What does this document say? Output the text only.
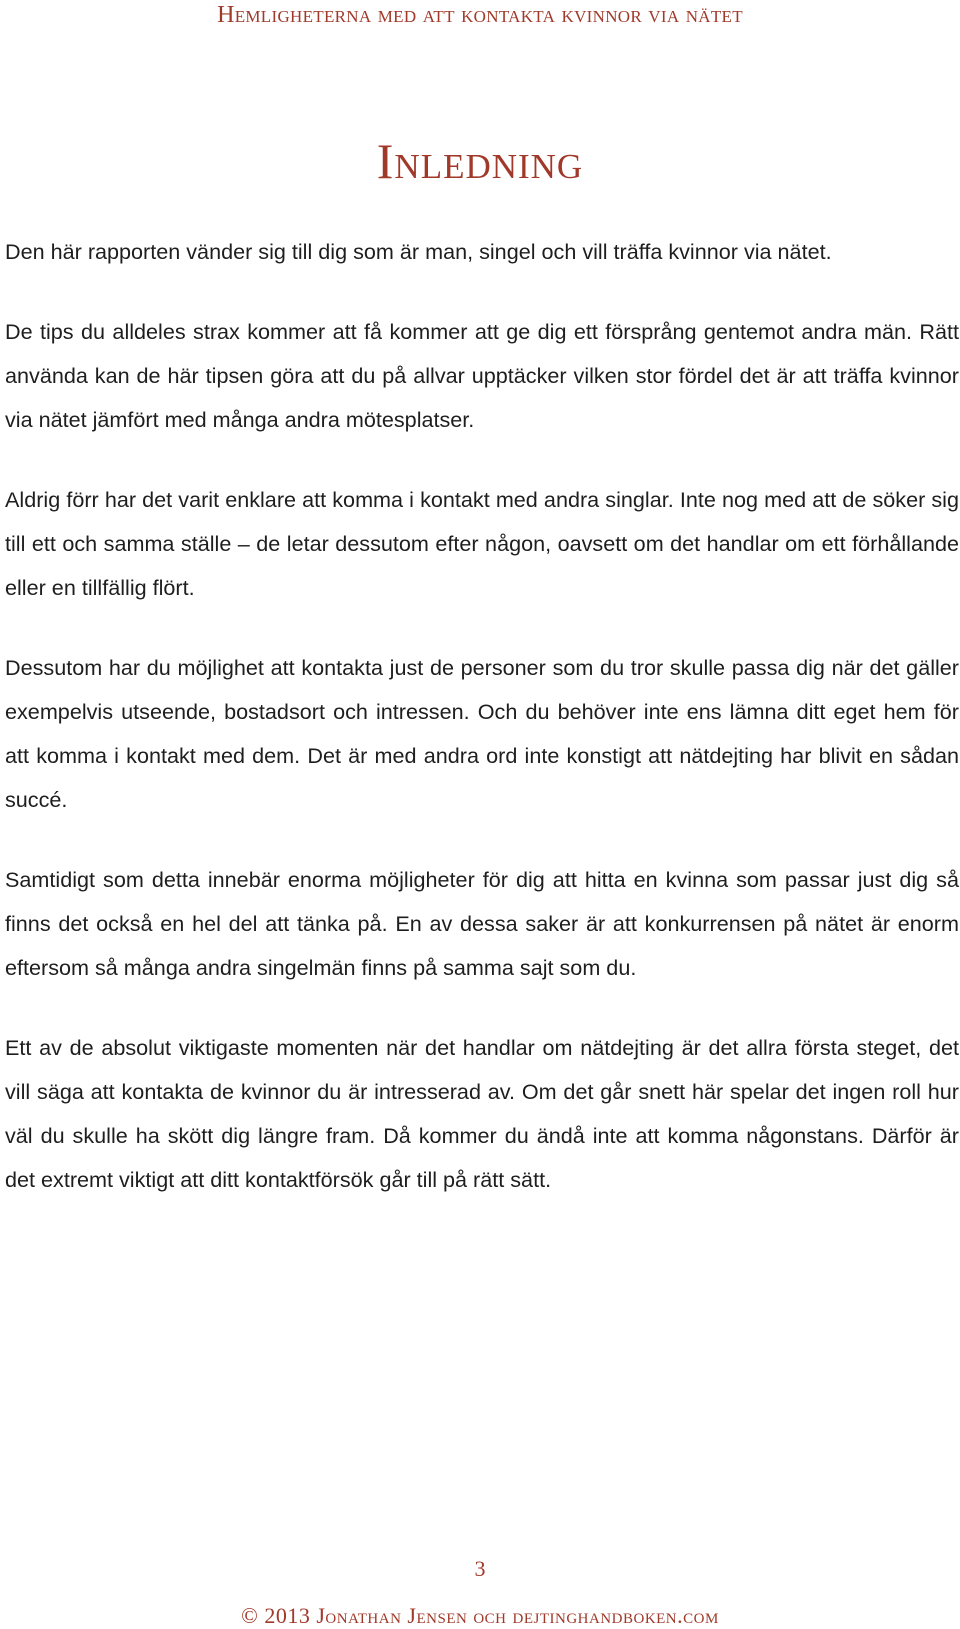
Hemligheterna med att kontakta kvinnor via nätet
Inledning

Den här rapporten vänder sig till dig som är man, singel och vill träffa kvinnor via nätet.

De tips du alldeles strax kommer att få kommer att ge dig ett försprång gentemot andra män. Rätt använda kan de här tipsen göra att du på allvar upptäcker vilken stor fördel det är att träffa kvinnor via nätet jämfört med många andra mötesplatser.

Aldrig förr har det varit enklare att komma i kontakt med andra singlar. Inte nog med att de söker sig till ett och samma ställe – de letar dessutom efter någon, oavsett om det handlar om ett förhållande eller en tillfällig flört.

Dessutom har du möjlighet att kontakta just de personer som du tror skulle passa dig när det gäller exempelvis utseende, bostadsort och intressen. Och du behöver inte ens lämna ditt eget hem för att komma i kontakt med dem. Det är med andra ord inte konstigt att nätdejting har blivit en sådan succé.

Samtidigt som detta innebär enorma möjligheter för dig att hitta en kvinna som passar just dig så finns det också en hel del att tänka på. En av dessa saker är att konkurrensen på nätet är enorm eftersom så många andra singelmän finns på samma sajt som du.

Ett av de absolut viktigaste momenten när det handlar om nätdejting är det allra första steget, det vill säga att kontakta de kvinnor du är intresserad av. Om det går snett här spelar det ingen roll hur väl du skulle ha skött dig längre fram. Då kommer du ändå inte att komma någonstans. Därför är det extremt viktigt att ditt kontaktförsök går till på rätt sätt.

3
© 2013 Jonathan Jensen och dejtinghandboken.com
